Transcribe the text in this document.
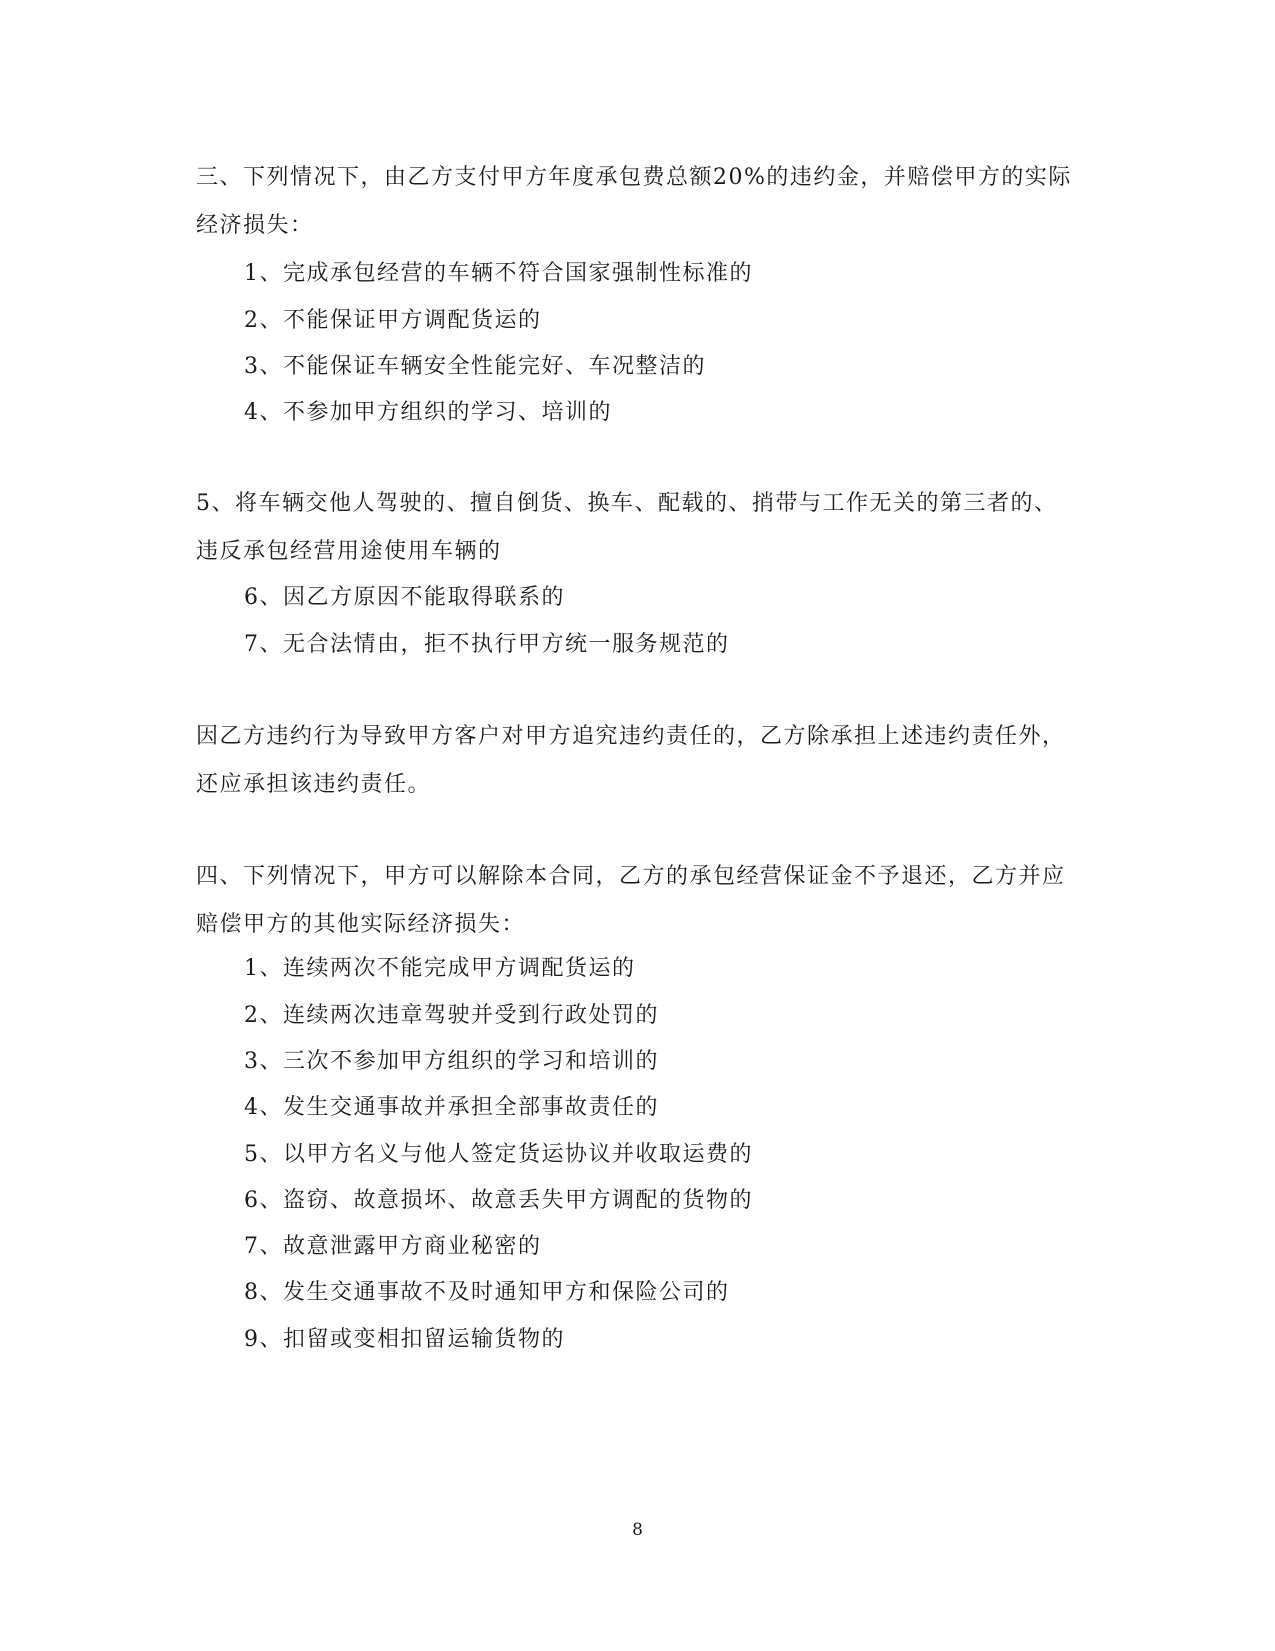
三、下列情况下，由乙方支付甲方年度承包费总额20%的违约金，并赔偿甲方的实际经济损失：

1、完成承包经营的车辆不符合国家强制性标准的

2、不能保证甲方调配货运的

3、不能保证车辆安全性能完好、车况整洁的

4、不参加甲方组织的学习、培训的

5、将车辆交他人驾驶的、擅自倒货、换车、配载的、捎带与工作无关的第三者的、违反承包经营用途使用车辆的

6、因乙方原因不能取得联系的

7、无合法情由，拒不执行甲方统一服务规范的

因乙方违约行为导致甲方客户对甲方追究违约责任的，乙方除承担上述违约责任外，还应承担该违约责任。

四、下列情况下，甲方可以解除本合同，乙方的承包经营保证金不予退还，乙方并应赔偿甲方的其他实际经济损失：

1、连续两次不能完成甲方调配货运的

2、连续两次违章驾驶并受到行政处罚的

3、三次不参加甲方组织的学习和培训的

4、发生交通事故并承担全部事故责任的

5、以甲方名义与他人签定货运协议并收取运费的

6、盗窃、故意损坏、故意丢失甲方调配的货物的

7、故意泄露甲方商业秘密的

8、发生交通事故不及时通知甲方和保险公司的

9、扣留或变相扣留运输货物的

8
